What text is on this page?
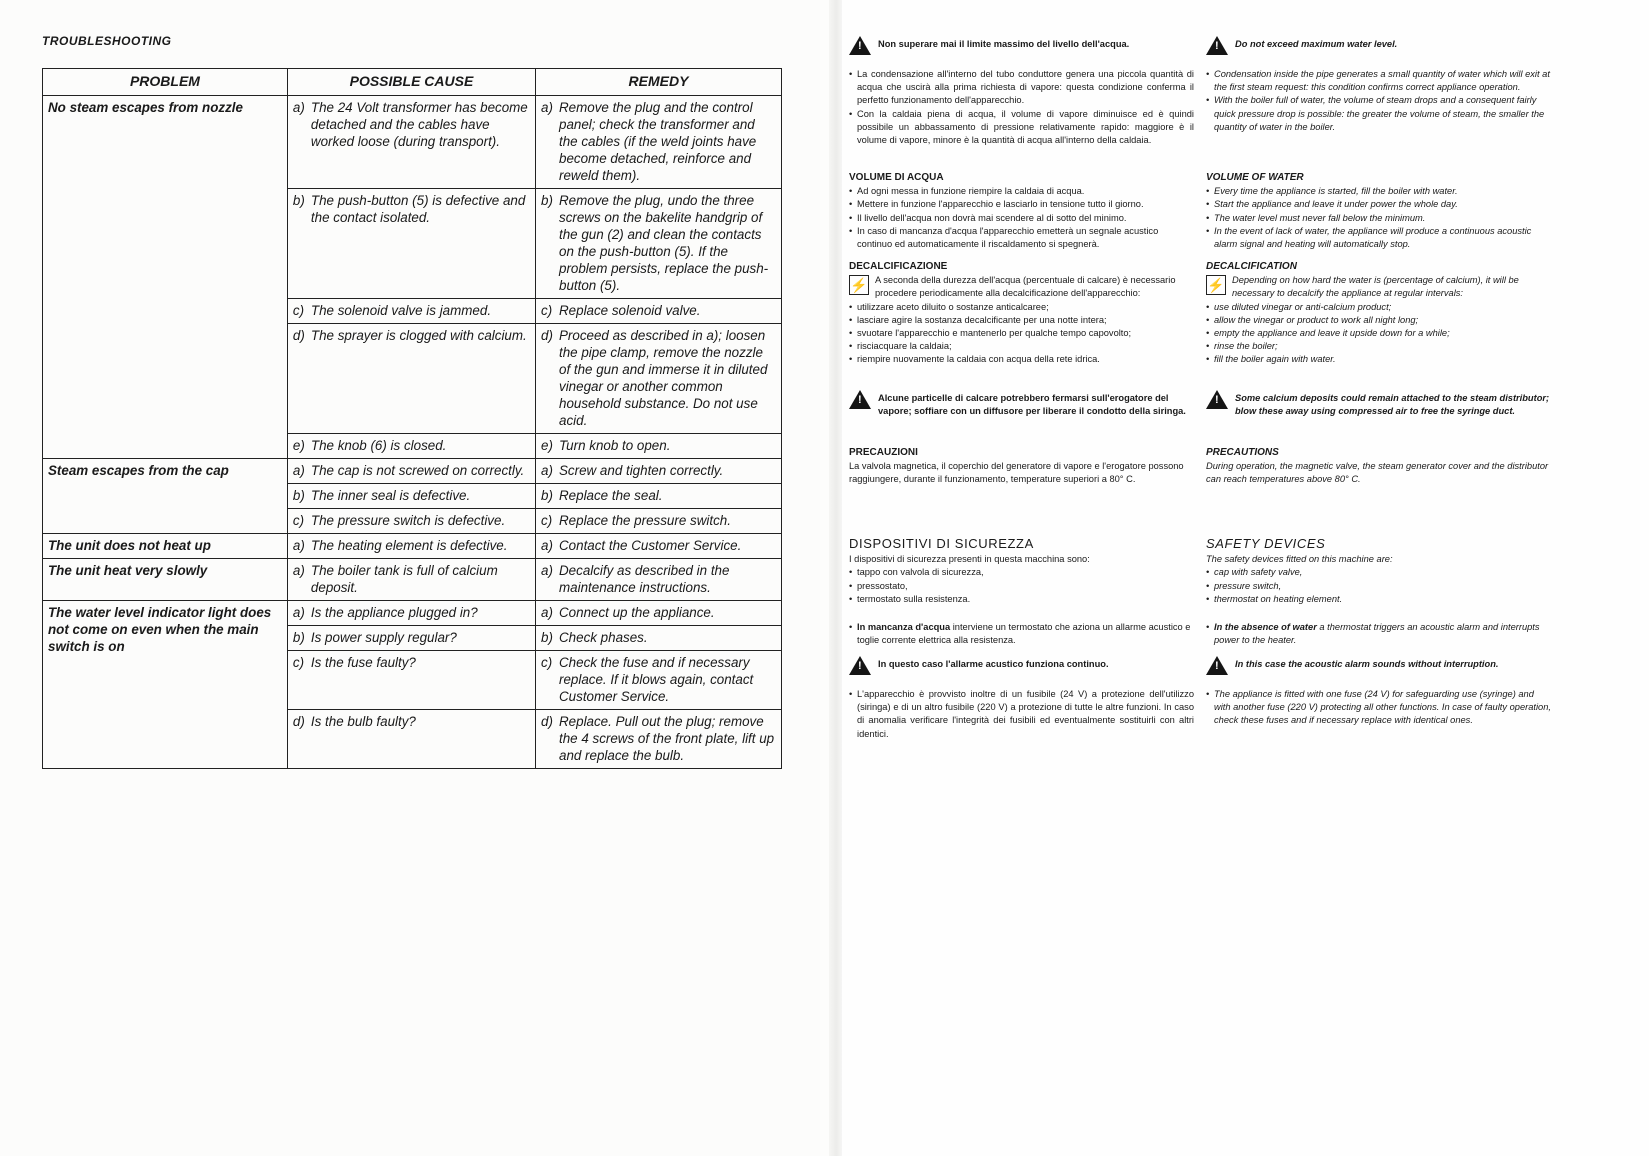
TROUBLESHOOTING
PROBLEM	POSSIBLE CAUSE	REMEDY
No steam escapes from nozzle	a) The 24 Volt transformer has become detached and the cables have worked loose (during transport).	a) Remove the plug and the control panel; check the transformer and the cables (if the weld joints have become detached, reinforce and reweld them).

	b) The push-button (5) is defective and the contact isolated.	b) Remove the plug, undo the three screws on the bakelite handgrip of the gun (2) and clean the contacts on the push-button (5). If the problem persists, replace the push-button (5).

	c) The solenoid valve is jammed.	c) Replace solenoid valve.

	d) The sprayer is clogged with calcium.	d) Proceed as described in a); loosen the pipe clamp, remove the nozzle of the gun and immerse it in diluted vinegar or another common household substance. Do not use acid.

	e) The knob (6) is closed.	e) Turn knob to open.

Steam escapes from the cap	a) The cap is not screwed on correctly.	a) Screw and tighten correctly.

	b) The inner seal is defective.	b) Replace the seal.

	c) The pressure switch is defective.	c) Replace the pressure switch.

The unit does not heat up	a) The heating element is defective.	a) Contact the Customer Service.

The unit heat very slowly	a) The boiler tank is full of calcium deposit.	a) Decalcify as described in the maintenance instructions.

The water level indicator light does not come on even when the main switch is on	a) Is the appliance plugged in?	a) Connect up the appliance.

	b) Is power supply regular?	b) Check phases.

	c) Is the fuse faulty?	c) Check the fuse and if necessary replace. If it blows again, contact Customer Service.

	d) Is the bulb faulty?	d) Replace. Pull out the plug; remove the 4 screws of the front plate, lift up and replace the bulb.
!
Non superare mai il limite massimo del livello dell'acqua.
• La condensazione all'interno del tubo conduttore genera una piccola quantità di acqua che uscirà alla prima richiesta di vapore: questa condizione conferma il perfetto funzionamento dell'apparecchio.
• Con la caldaia piena di acqua, il volume di vapore diminuisce ed è quindi possibile un abbassamento di pressione relativamente rapido: maggiore è il volume di vapore, minore è la quantità di acqua all'interno della caldaia.
VOLUME DI ACQUA
• Ad ogni messa in funzione riempire la caldaia di acqua.
• Mettere in funzione l'apparecchio e lasciarlo in tensione tutto il giorno.
• Il livello dell'acqua non dovrà mai scendere al di sotto del minimo.
• In caso di mancanza d'acqua l'apparecchio emetterà un segnale acustico continuo ed automaticamente il riscaldamento si spegnerà.
DECALCIFICAZIONE
⚡ A seconda della durezza dell'acqua (percentuale di calcare) è necessario procedere periodicamente alla decalcificazione dell'apparecchio:
• utilizzare aceto diluito o sostanze anticalcaree;
• lasciare agire la sostanza decalcificante per una notte intera;
• svuotare l'apparecchio e mantenerlo per qualche tempo capovolto;
• risciacquare la caldaia;
• riempire nuovamente la caldaia con acqua della rete idrica.
!
Alcune particelle di calcare potrebbero fermarsi sull'erogatore del vapore; soffiare con un diffusore per liberare il condotto della siringa.
PRECAUZIONI
La valvola magnetica, il coperchio del generatore di vapore e l'erogatore possono raggiungere, durante il funzionamento, temperature superiori a 80° C.
DISPOSITIVI DI SICUREZZA
I dispositivi di sicurezza presenti in questa macchina sono:
• tappo con valvola di sicurezza,
• pressostato,
• termostato sulla resistenza.
• In mancanza d'acqua interviene un termostato che aziona un allarme acustico e toglie corrente elettrica alla resistenza.
!
In questo caso l'allarme acustico funziona continuo.
• L'apparecchio è provvisto inoltre di un fusibile (24 V) a protezione dell'utilizzo (siringa) e di un altro fusibile (220 V) a protezione di tutte le altre funzioni. In caso di anomalia verificare l'integrità dei fusibili ed eventualmente sostituirli con altri identici.
!
Do not exceed maximum water level.
• Condensation inside the pipe generates a small quantity of water which will exit at the first steam request: this condition confirms correct appliance operation.
• With the boiler full of water, the volume of steam drops and a consequent fairly quick pressure drop is possible: the greater the volume of steam, the smaller the quantity of water in the boiler.
VOLUME OF WATER
• Every time the appliance is started, fill the boiler with water.
• Start the appliance and leave it under power the whole day.
• The water level must never fall below the minimum.
• In the event of lack of water, the appliance will produce a continuous acoustic alarm signal and heating will automatically stop.
DECALCIFICATION
⚡ Depending on how hard the water is (percentage of calcium), it will be necessary to decalcify the appliance at regular intervals:
• use diluted vinegar or anti-calcium product;
• allow the vinegar or product to work all night long;
• empty the appliance and leave it upside down for a while;
• rinse the boiler;
• fill the boiler again with water.
!
Some calcium deposits could remain attached to the steam distributor; blow these away using compressed air to free the syringe duct.
PRECAUTIONS
During operation, the magnetic valve, the steam generator cover and the distributor can reach temperatures above 80° C.
SAFETY DEVICES
The safety devices fitted on this machine are:
• cap with safety valve,
• pressure switch,
• thermostat on heating element.
• In the absence of water a thermostat triggers an acoustic alarm and interrupts power to the heater.
!
In this case the acoustic alarm sounds without interruption.
• The appliance is fitted with one fuse (24 V) for safeguarding use (syringe) and with another fuse (220 V) protecting all other functions. In case of faulty operation, check these fuses and if necessary replace with identical ones.
